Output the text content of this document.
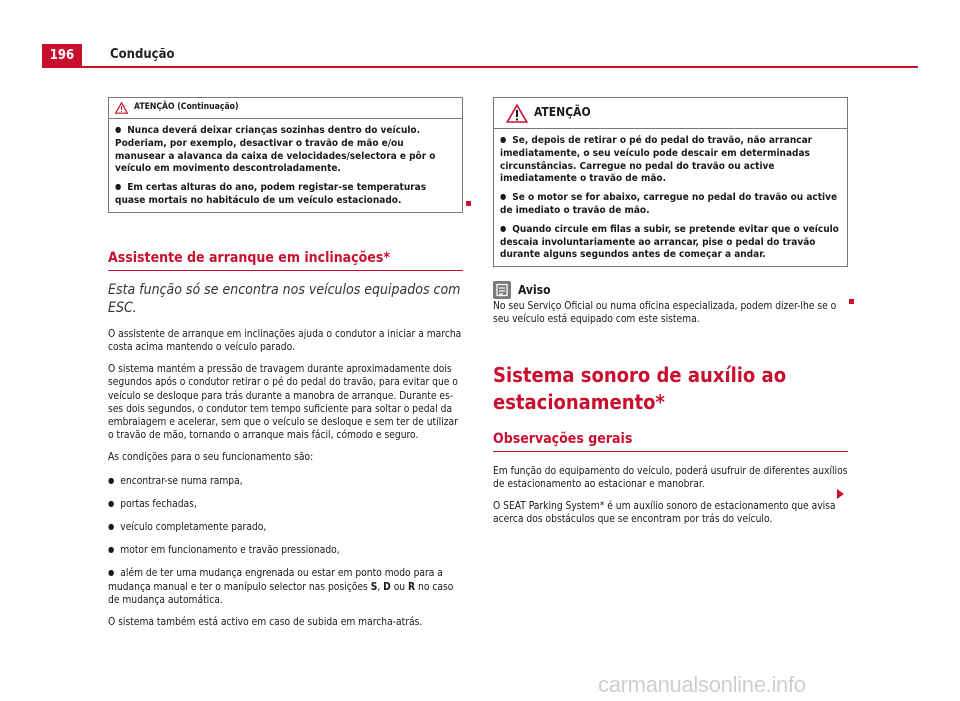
196	Condução
ATENÇÃO (Continuação)

● Nunca deverá deixar crianças sozinhas dentro do veículo. Poderiam, por exemplo, desactivar o travão de mão e/ou manusear a alavanca da caixa de velocidades/selectora e pôr o veículo em movimento descontroladamente.

● Em certas alturas do ano, podem registar-se temperaturas quase mortais no habitáculo de um veículo estacionado.

Assistente de arranque em inclinações*
Esta função só se encontra nos veículos equipados com ESC.

O assistente de arranque em inclinações ajuda o condutor a iniciar a marcha costa acima mantendo o veículo parado.

O sistema mantém a pressão de travagem durante aproximadamente dois segundos após o condutor retirar o pé do pedal do travão, para evitar que o veículo se desloque para trás durante a manobra de arranque. Durante esses dois segundos, o condutor tem tempo suficiente para soltar o pedal da embraiagem e acelerar, sem que o veículo se desloque e sem ter de utilizar o travão de mão, tornando o arranque mais fácil, cómodo e seguro.

As condições para o seu funcionamento são:

● encontrar-se numa rampa,

● portas fechadas,

● veículo completamente parado,

● motor em funcionamento e travão pressionado,

● além de ter uma mudança engrenada ou estar em ponto modo para a mudança manual e ter o manípulo selector nas posições S, D ou R no caso de mudança automática.

O sistema também está activo em caso de subida em marcha-atrás.

ATENÇÃO

● Se, depois de retirar o pé do pedal do travão, não arrancar imediatamente, o seu veículo pode descair em determinadas circunstâncias. Carregue no pedal do travão ou active imediatamente o travão de mão.

● Se o motor se for abaixo, carregue no pedal do travão ou active de imediato o travão de mão.

● Quando circule em filas a subir, se pretende evitar que o veículo descaia involuntariamente ao arrancar, pise o pedal do travão durante alguns segundos antes de começar a andar.

Aviso

No seu Serviço Oficial ou numa oficina especializada, podem dizer-lhe se o seu veículo está equipado com este sistema.

Sistema sonoro de auxílio ao
estacionamento*
Observações gerais

Em função do equipamento do veículo, poderá usufruir de diferentes auxílios de estacionamento ao estacionar e manobrar.

O SEAT Parking System* é um auxílio sonoro de estacionamento que avisa acerca dos obstáculos que se encontram por trás do veículo.

carmanualsonline.info
